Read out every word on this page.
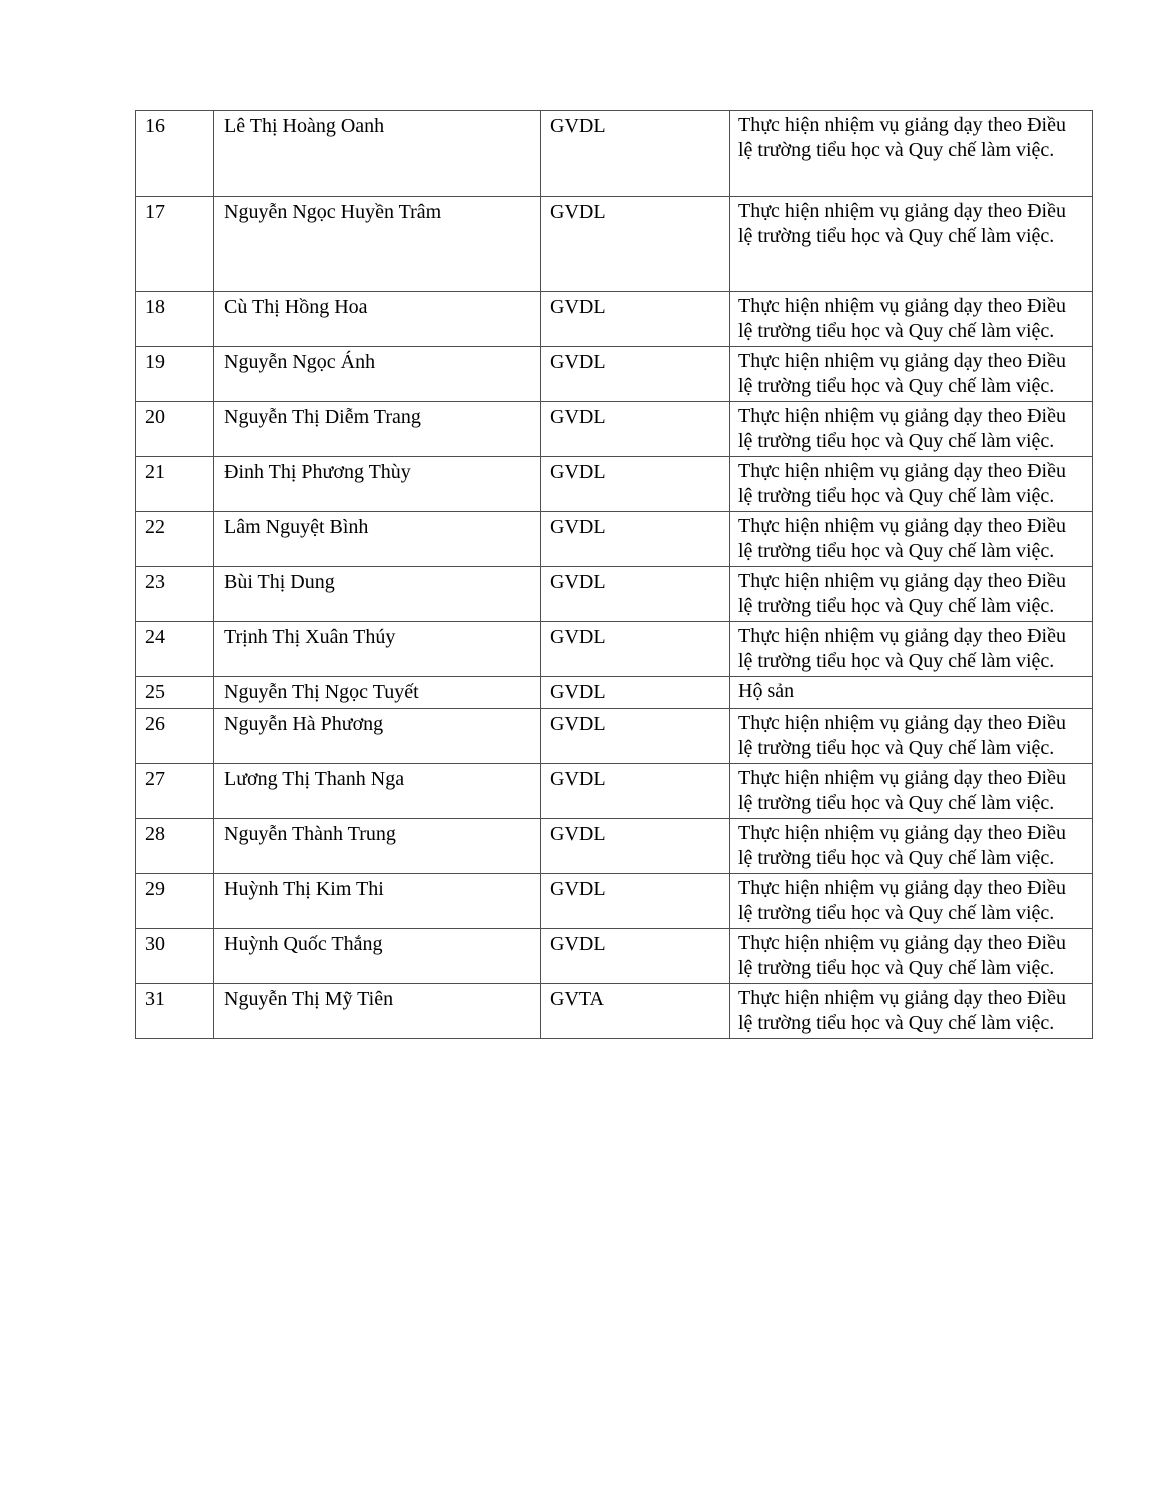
16	Lê Thị Hoàng Oanh	GVDL	Thực hiện nhiệm vụ giảng dạy theo Điều lệ trường tiểu học và Quy chế làm việc.
17	Nguyễn Ngọc Huyền Trâm	GVDL	Thực hiện nhiệm vụ giảng dạy theo Điều lệ trường tiểu học và Quy chế làm việc.
18	Cù Thị Hồng Hoa	GVDL	Thực hiện nhiệm vụ giảng dạy theo Điều lệ trường tiểu học và Quy chế làm việc.
19	Nguyễn Ngọc Ánh	GVDL	Thực hiện nhiệm vụ giảng dạy theo Điều lệ trường tiểu học và Quy chế làm việc.
20	Nguyễn Thị Diễm Trang	GVDL	Thực hiện nhiệm vụ giảng dạy theo Điều lệ trường tiểu học và Quy chế làm việc.
21	Đinh Thị Phương Thùy	GVDL	Thực hiện nhiệm vụ giảng dạy theo Điều lệ trường tiểu học và Quy chế làm việc.
22	Lâm Nguyệt Bình	GVDL	Thực hiện nhiệm vụ giảng dạy theo Điều lệ trường tiểu học và Quy chế làm việc.
23	Bùi Thị Dung	GVDL	Thực hiện nhiệm vụ giảng dạy theo Điều lệ trường tiểu học và Quy chế làm việc.
24	Trịnh Thị Xuân Thúy	GVDL	Thực hiện nhiệm vụ giảng dạy theo Điều lệ trường tiểu học và Quy chế làm việc.
25	Nguyễn Thị Ngọc Tuyết	GVDL	Hộ sản
26	Nguyễn Hà Phương	GVDL	Thực hiện nhiệm vụ giảng dạy theo Điều lệ trường tiểu học và Quy chế làm việc.
27	Lương Thị Thanh Nga	GVDL	Thực hiện nhiệm vụ giảng dạy theo Điều lệ trường tiểu học và Quy chế làm việc.
28	Nguyễn Thành Trung	GVDL	Thực hiện nhiệm vụ giảng dạy theo Điều lệ trường tiểu học và Quy chế làm việc.
29	Huỳnh Thị Kim Thi	GVDL	Thực hiện nhiệm vụ giảng dạy theo Điều lệ trường tiểu học và Quy chế làm việc.
30	Huỳnh Quốc Thắng	GVDL	Thực hiện nhiệm vụ giảng dạy theo Điều lệ trường tiểu học và Quy chế làm việc.
31	Nguyễn Thị Mỹ Tiên	GVTA	Thực hiện nhiệm vụ giảng dạy theo Điều lệ trường tiểu học và Quy chế làm việc.
